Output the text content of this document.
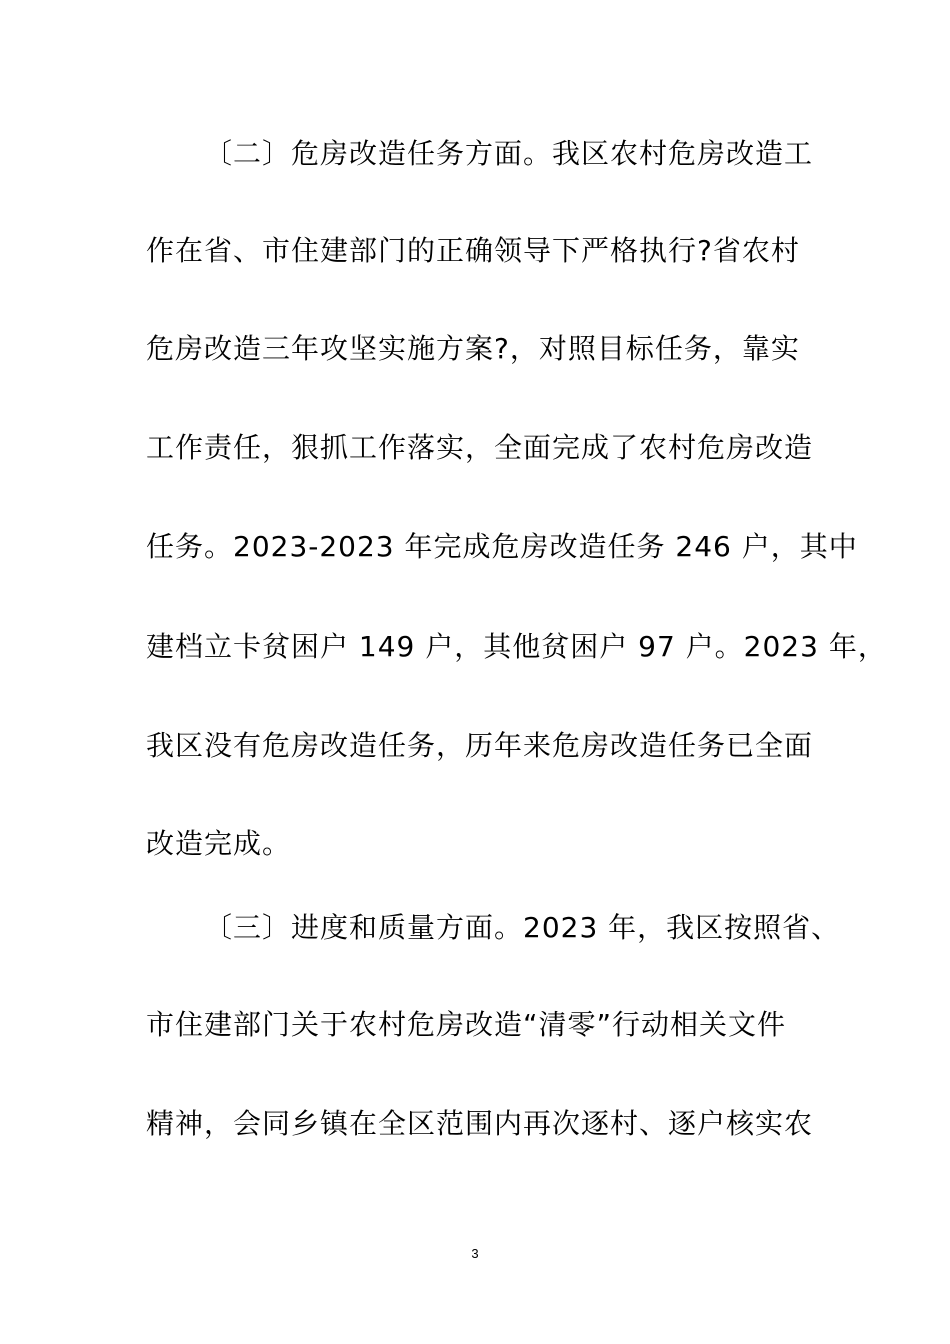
〔二〕危房改造任务方面。我区农村危房改造工
作在省、市住建部门的正确领导下严格执行?省农村
危房改造三年攻坚实施方案?，对照目标任务，靠实
工作责任，狠抓工作落实，全面完成了农村危房改造
任务。2023-2023 年完成危房改造任务 246 户，其中
建档立卡贫困户 149 户，其他贫困户 97 户。2023 年，
我区没有危房改造任务，历年来危房改造任务已全面
改造完成。
〔三〕进度和质量方面。2023 年，我区按照省、
市住建部门关于农村危房改造“清零”行动相关文件
精神，会同乡镇在全区范围内再次逐村、逐户核实农
3
